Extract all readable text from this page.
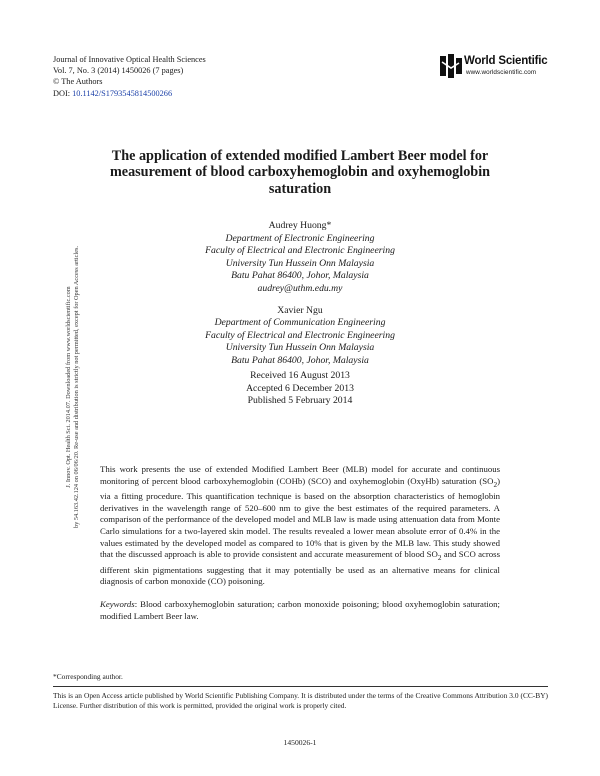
Journal of Innovative Optical Health Sciences
Vol. 7, No. 3 (2014) 1450026 (7 pages)
© The Authors
DOI: 10.1142/S1793545814500266
World Scientific
www.worldscientific.com
J. Innov. Opt. Health Sci. 2014.07. Downloaded from www.worldscientific.com by 54.163.42.124 on 06/06/20. Re-use and distribution is strictly not permitted, except for Open Access articles.
The application of extended modified Lambert Beer model for measurement of blood carboxyhemoglobin and oxyhemoglobin saturation
Audrey Huong*
Department of Electronic Engineering
Faculty of Electrical and Electronic Engineering
University Tun Hussein Onn Malaysia
Batu Pahat 86400, Johor, Malaysia
audrey@uthm.edu.my
Xavier Ngu
Department of Communication Engineering
Faculty of Electrical and Electronic Engineering
University Tun Hussein Onn Malaysia
Batu Pahat 86400, Johor, Malaysia
Received 16 August 2013
Accepted 6 December 2013
Published 5 February 2014
This work presents the use of extended Modified Lambert Beer (MLB) model for accurate and continuous monitoring of percent blood carboxyhemoglobin (COHb) (SCO) and oxyhemoglobin (OxyHb) saturation $(SO_2)$ via a fitting procedure. This quantification technique is based on the absorption characteristics of hemoglobin derivatives in the wavelength range of 520–600 nm to give the best estimates of the required parameters. A comparison of the performance of the developed model and MLB law is made using attenuation data from Monte Carlo simulations for a two-layered skin model. The results revealed a lower mean absolute error of 0.4% in the values estimated by the developed model as compared to 10% that is given by the MLB law. This study showed that the discussed approach is able to provide consistent and accurate measurement of blood $SO_2$ and SCO across different skin pigmentations suggesting that it may potentially be used as an alternative means for clinical diagnosis of carbon monoxide (CO) poisoning.
Keywords: Blood carboxyhemoglobin saturation; carbon monoxide poisoning; blood oxyhemoglobin saturation; modified Lambert Beer law.
*Corresponding author.
This is an Open Access article published by World Scientific Publishing Company. It is distributed under the terms of the Creative Commons Attribution 3.0 (CC-BY) License. Further distribution of this work is permitted, provided the original work is properly cited.
1450026-1
